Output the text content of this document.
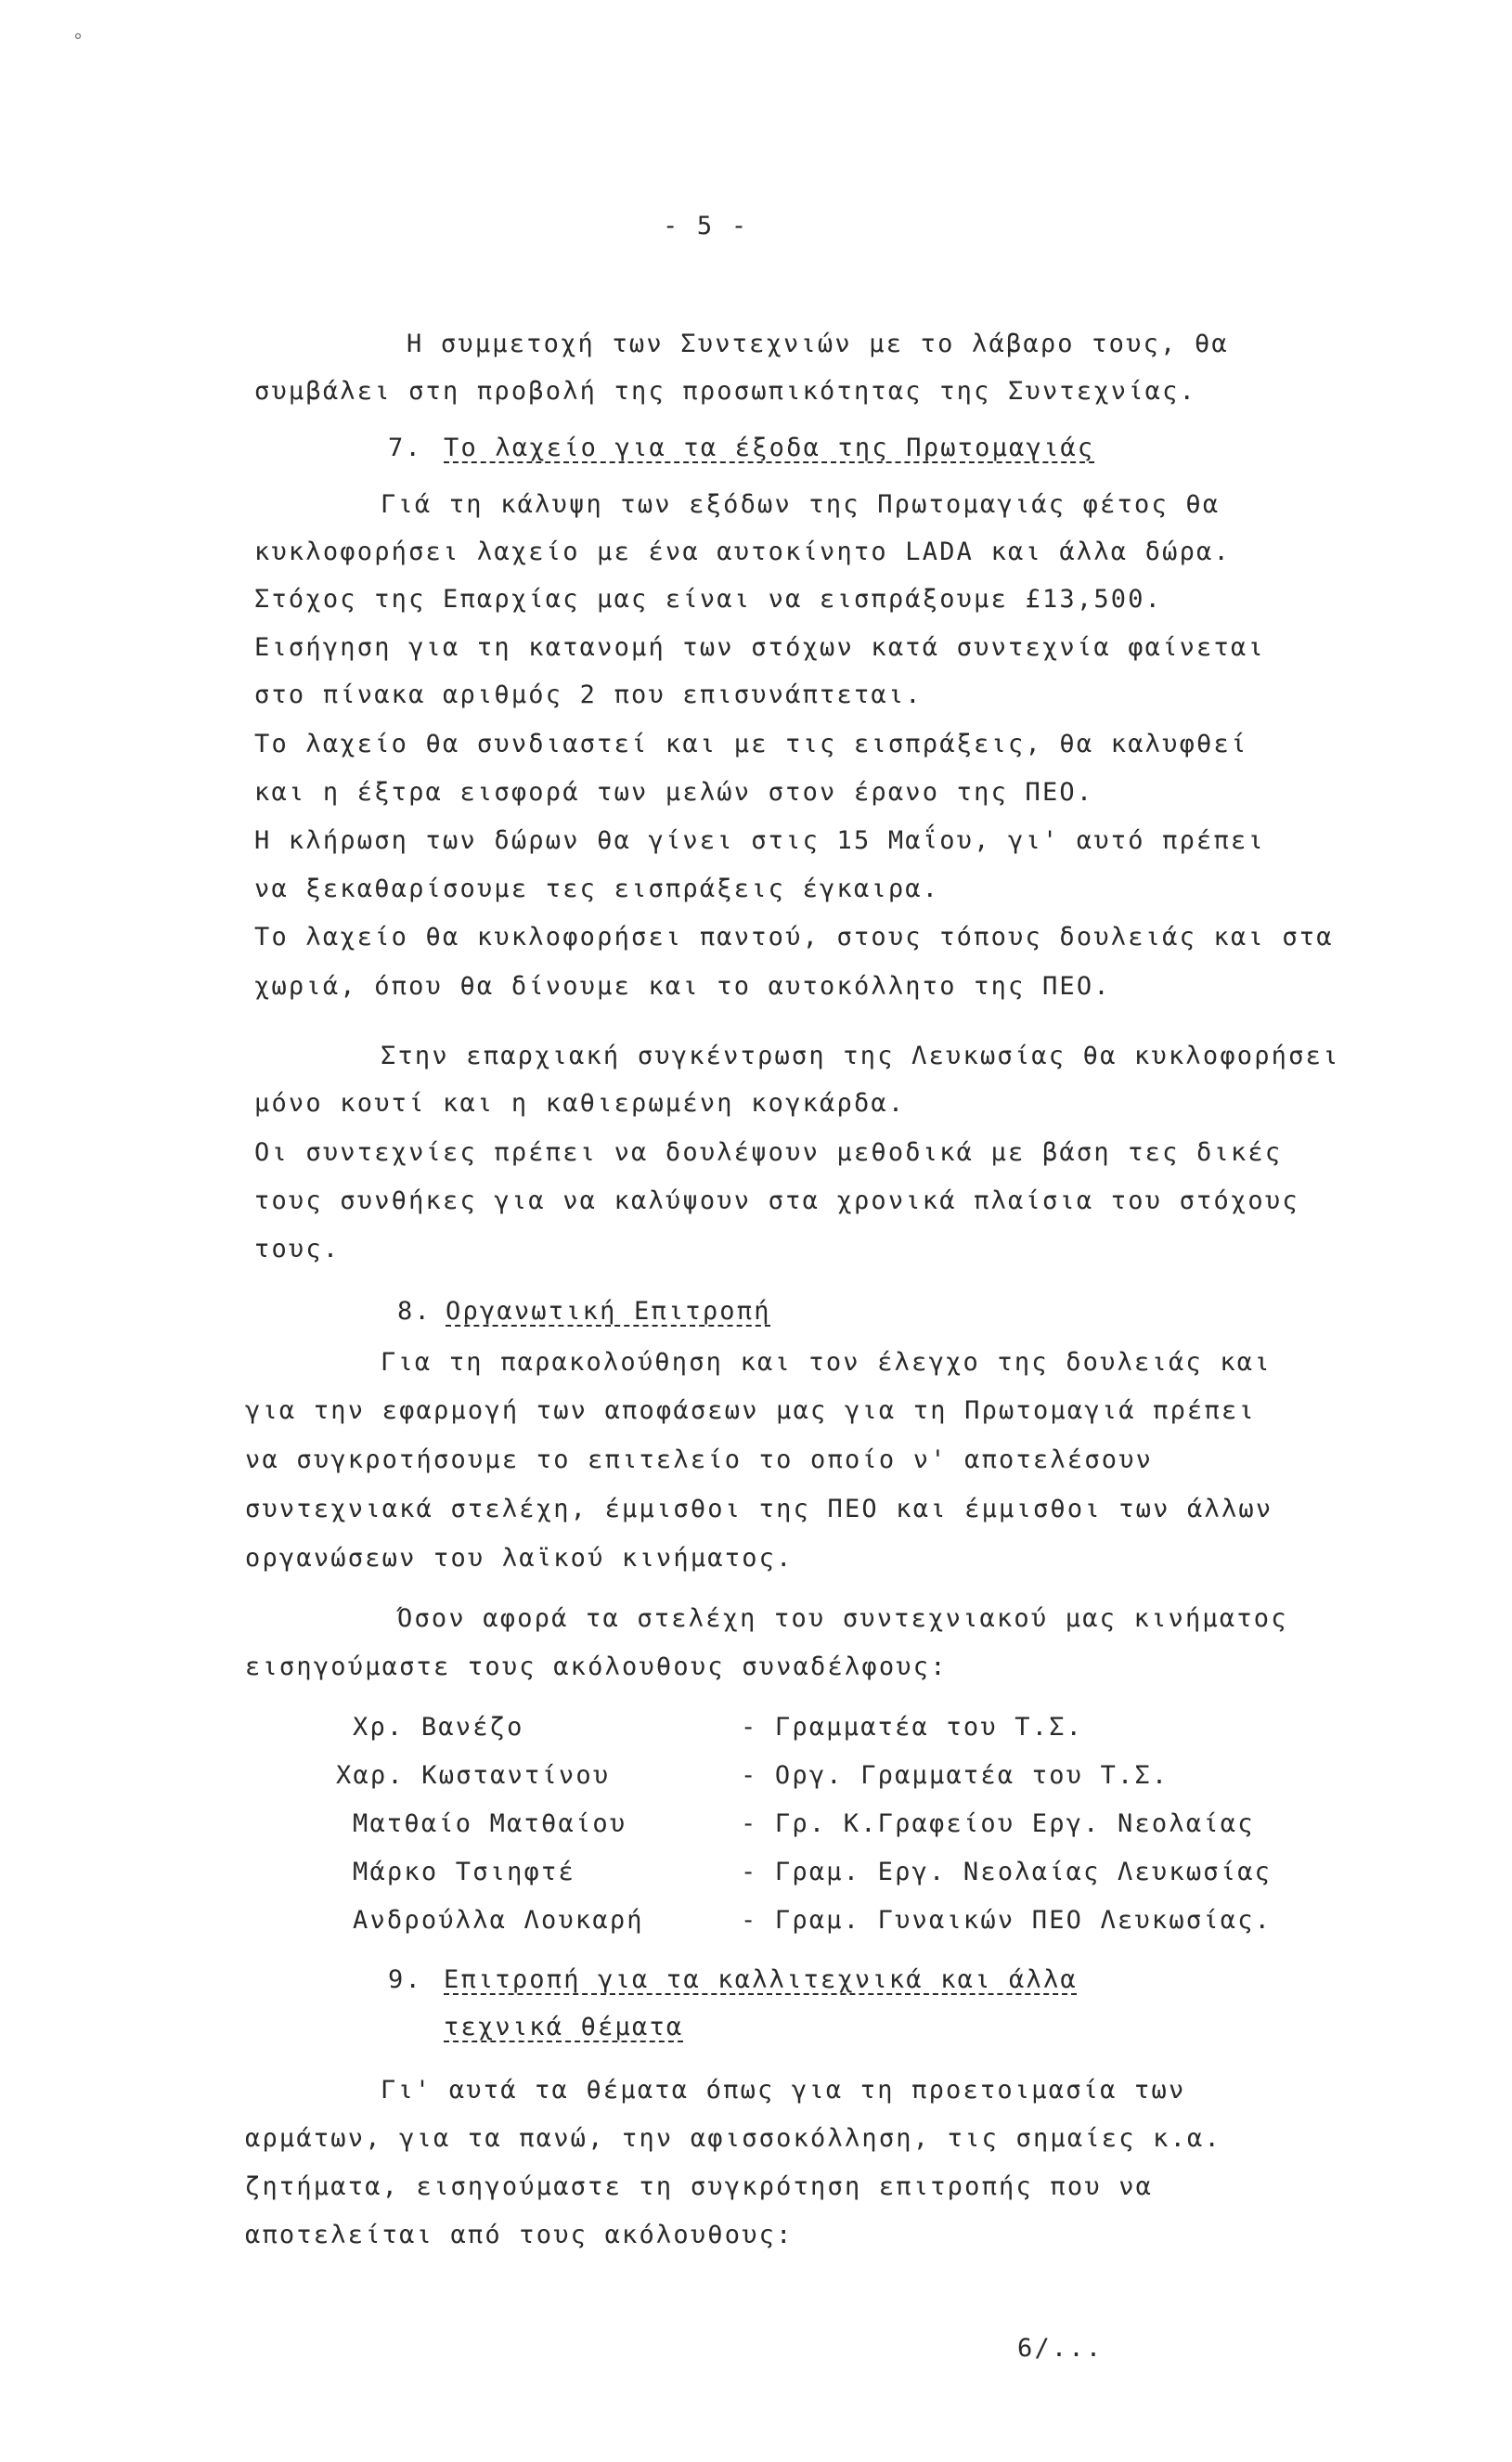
°
- 5 -
Η συμμετοχή των Συντεχνιών με το λάβαρο τους, θα
συμβάλει στη προβολή της προσωπικότητας της Συντεχνίας.
7. Το λαχείο για τα έξοδα της Πρωτομαγιάς
Γιά τη κάλυψη των εξόδων της Πρωτομαγιάς φέτος θα
κυκλοφορήσει λαχείο με ένα αυτοκίνητο LADA και άλλα δώρα.
Στόχος της Επαρχίας μας είναι να εισπράξουμε £13,500.
Εισήγηση για τη κατανομή των στόχων κατά συντεχνία φαίνεται
στο πίνακα αριθμός 2 που επισυνάπτεται.
Το λαχείο θα συνδιαστεί και με τις εισπράξεις, θα καλυφθεί
και η έξτρα εισφορά των μελών στον έρανο της ΠΕΟ.
Η κλήρωση των δώρων θα γίνει στις 15 Μαΐου, γι' αυτό πρέπει
να ξεκαθαρίσουμε τες εισπράξεις έγκαιρα.
Το λαχείο θα κυκλοφορήσει παντού, στους τόπους δουλειάς και στα
χωριά, όπου θα δίνουμε και το αυτοκόλλητο της ΠΕΟ.
Στην επαρχιακή συγκέντρωση της Λευκωσίας θα κυκλοφορήσει
μόνο κουτί και η καθιερωμένη κογκάρδα.
Οι συντεχνίες πρέπει να δουλέψουν μεθοδικά με βάση τες δικές
τους συνθήκες για να καλύψουν στα χρονικά πλαίσια του στόχους
τους.
8. Οργανωτική Επιτροπή
Για τη παρακολούθηση και τον έλεγχο της δουλειάς και
για την εφαρμογή των αποφάσεων μας για τη Πρωτομαγιά πρέπει
να συγκροτήσουμε το επιτελείο το οποίο ν' αποτελέσουν
συντεχνιακά στελέχη, έμμισθοι της ΠΕΟ και έμμισθοι των άλλων
οργανώσεων του λαϊκού κινήματος.
Όσον αφορά τα στελέχη του συντεχνιακού μας κινήματος
εισηγούμαστε τους ακόλουθους συναδέλφους:
Χρ. Βανέζο	- Γραμματέα του Τ.Σ.
Χαρ. Κωσταντίνου	- Οργ. Γραμματέα του Τ.Σ.
Ματθαίο Ματθαίου	- Γρ. Κ.Γραφείου Εργ. Νεολαίας
Μάρκο Τσιηφτέ	- Γραμ. Εργ. Νεολαίας Λευκωσίας
Ανδρούλλα Λουκαρή	- Γραμ. Γυναικών ΠΕΟ Λευκωσίας.
9. Επιτροπή για τα καλλιτεχνικά και άλλα
τεχνικά θέματα
Γι' αυτά τα θέματα όπως για τη προετοιμασία των
αρμάτων, για τα πανώ, την αφισσοκόλληση, τις σημαίες κ.α.
ζητήματα, εισηγούμαστε τη συγκρότηση επιτροπής που να
αποτελείται από τους ακόλουθους:
6/...
